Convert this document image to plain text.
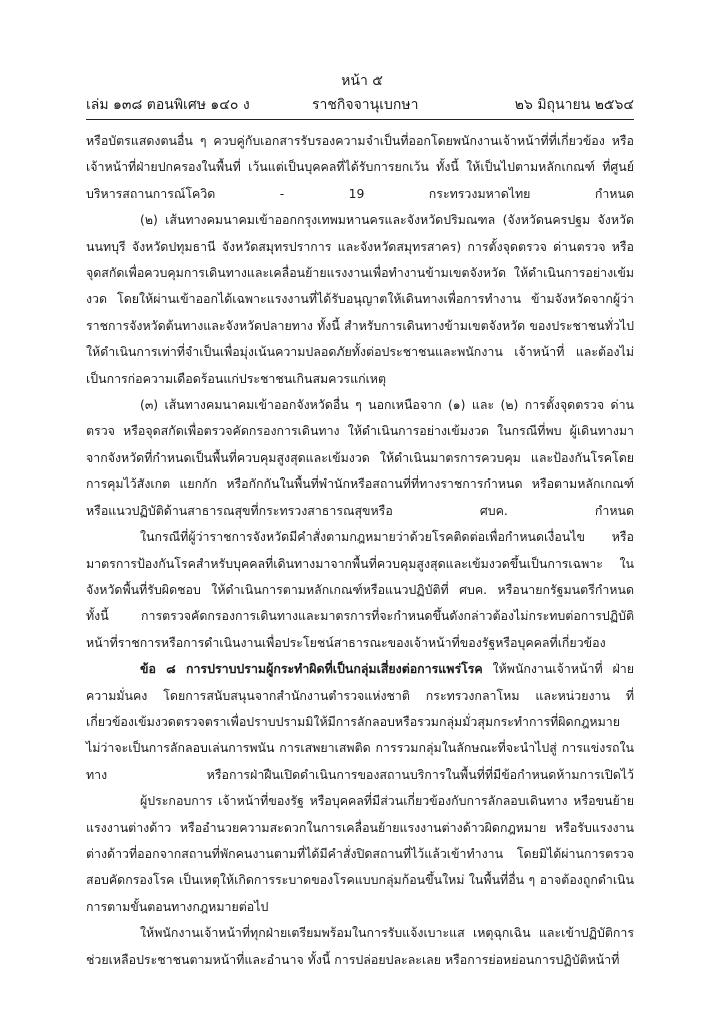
หน้า ๕
เล่ม ๑๓๘ ตอนพิเศษ ๑๔๐ ง	ราชกิจจานุเบกษา	๒๖ มิถุนายน ๒๕๖๔

หรือบัตรแสดงตนอื่น ๆ ควบคู่กับเอกสารรับรองความจำเป็นที่ออกโดยพนักงานเจ้าหน้าที่ที่เกี่ยวข้อง หรือเจ้าหน้าที่ฝ่ายปกครองในพื้นที่ เว้นแต่เป็นบุคคลที่ได้รับการยกเว้น ทั้งนี้ ให้เป็นไปตามหลักเกณฑ์ ที่ศูนย์บริหารสถานการณ์โควิด - 19 กระทรวงมหาดไทย กำหนด

(๒) เส้นทางคมนาคมเข้าออกกรุงเทพมหานครและจังหวัดปริมณฑล (จังหวัดนครปฐม จังหวัดนนทบุรี จังหวัดปทุมธานี จังหวัดสมุทรปราการ และจังหวัดสมุทรสาคร) การตั้งจุดตรวจ ด่านตรวจ หรือจุดสกัดเพื่อควบคุมการเดินทางและเคลื่อนย้ายแรงงานเพื่อทำงานข้ามเขตจังหวัด ให้ดำเนินการอย่างเข้มงวด โดยให้ผ่านเข้าออกได้เฉพาะแรงงานที่ได้รับอนุญาตให้เดินทางเพื่อการทำงาน ข้ามจังหวัดจากผู้ว่าราชการจังหวัดต้นทางและจังหวัดปลายทาง ทั้งนี้ สำหรับการเดินทางข้ามเขตจังหวัด ของประชาชนทั่วไป ให้ดำเนินการเท่าที่จำเป็นเพื่อมุ่งเน้นความปลอดภัยทั้งต่อประชาชนและพนักงาน เจ้าหน้าที่ และต้องไม่เป็นการก่อความเดือดร้อนแก่ประชาชนเกินสมควรแก่เหตุ

(๓) เส้นทางคมนาคมเข้าออกจังหวัดอื่น ๆ นอกเหนือจาก (๑) และ (๒) การตั้งจุดตรวจ ด่านตรวจ หรือจุดสกัดเพื่อตรวจคัดกรองการเดินทาง ให้ดำเนินการอย่างเข้มงวด ในกรณีที่พบ ผู้เดินทางมาจากจังหวัดที่กำหนดเป็นพื้นที่ควบคุมสูงสุดและเข้มงวด ให้ดำเนินมาตรการควบคุม และป้องกันโรคโดยการคุมไว้สังเกต แยกกัก หรือกักกันในพื้นที่พำนักหรือสถานที่ที่ทางราชการกำหนด หรือตามหลักเกณฑ์หรือแนวปฏิบัติด้านสาธารณสุขที่กระทรวงสาธารณสุขหรือ ศบค. กำหนด

ในกรณีที่ผู้ว่าราชการจังหวัดมีคำสั่งตามกฎหมายว่าด้วยโรคติดต่อเพื่อกำหนดเงื่อนไข หรือมาตรการป้องกันโรคสำหรับบุคคลที่เดินทางมาจากพื้นที่ควบคุมสูงสุดและเข้มงวดขึ้นเป็นการเฉพาะ ในจังหวัดพื้นที่รับผิดชอบ ให้ดำเนินการตามหลักเกณฑ์หรือแนวปฏิบัติที่ ศบค. หรือนายกรัฐมนตรีกำหนด ทั้งนี้ การตรวจคัดกรองการเดินทางและมาตรการที่จะกำหนดขึ้นดังกล่าวต้องไม่กระทบต่อการปฏิบัติ หน้าที่ราชการหรือการดำเนินงานเพื่อประโยชน์สาธารณะของเจ้าหน้าที่ของรัฐหรือบุคคลที่เกี่ยวข้อง

ข้อ ๘ การปราบปรามผู้กระทำผิดที่เป็นกลุ่มเสี่ยงต่อการแพร่โรค ให้พนักงานเจ้าหน้าที่ ฝ่ายความมั่นคง โดยการสนับสนุนจากสำนักงานตำรวจแห่งชาติ กระทรวงกลาโหม และหน่วยงาน ที่เกี่ยวข้องเข้มงวดตรวจตราเพื่อปราบปรามมิให้มีการลักลอบหรือรวมกลุ่มมั่วสุมกระทำการที่ผิดกฎหมาย ไม่ว่าจะเป็นการลักลอบเล่นการพนัน การเสพยาเสพติด การรวมกลุ่มในลักษณะที่จะนำไปสู่ การแข่งรถในทาง หรือการฝ่าฝืนเปิดดำเนินการของสถานบริการในพื้นที่ที่มีข้อกำหนดห้ามการเปิดไว้

ผู้ประกอบการ เจ้าหน้าที่ของรัฐ หรือบุคคลที่มีส่วนเกี่ยวข้องกับการลักลอบเดินทาง หรือขนย้ายแรงงานต่างด้าว หรืออำนวยความสะดวกในการเคลื่อนย้ายแรงงานต่างด้าวผิดกฎหมาย หรือรับแรงงานต่างด้าวที่ออกจากสถานที่พักคนงานตามที่ได้มีคำสั่งปิดสถานที่ไว้แล้วเข้าทำงาน โดยมิได้ผ่านการตรวจสอบคัดกรองโรค เป็นเหตุให้เกิดการระบาดของโรคแบบกลุ่มก้อนขึ้นใหม่ ในพื้นที่อื่น ๆ อาจต้องถูกดำเนินการตามขั้นตอนทางกฎหมายต่อไป

ให้พนักงานเจ้าหน้าที่ทุกฝ่ายเตรียมพร้อมในการรับแจ้งเบาะแส เหตุฉุกเฉิน และเข้าปฏิบัติการ ช่วยเหลือประชาชนตามหน้าที่และอำนาจ ทั้งนี้ การปล่อยปละละเลย หรือการย่อหย่อนการปฏิบัติหน้าที่
